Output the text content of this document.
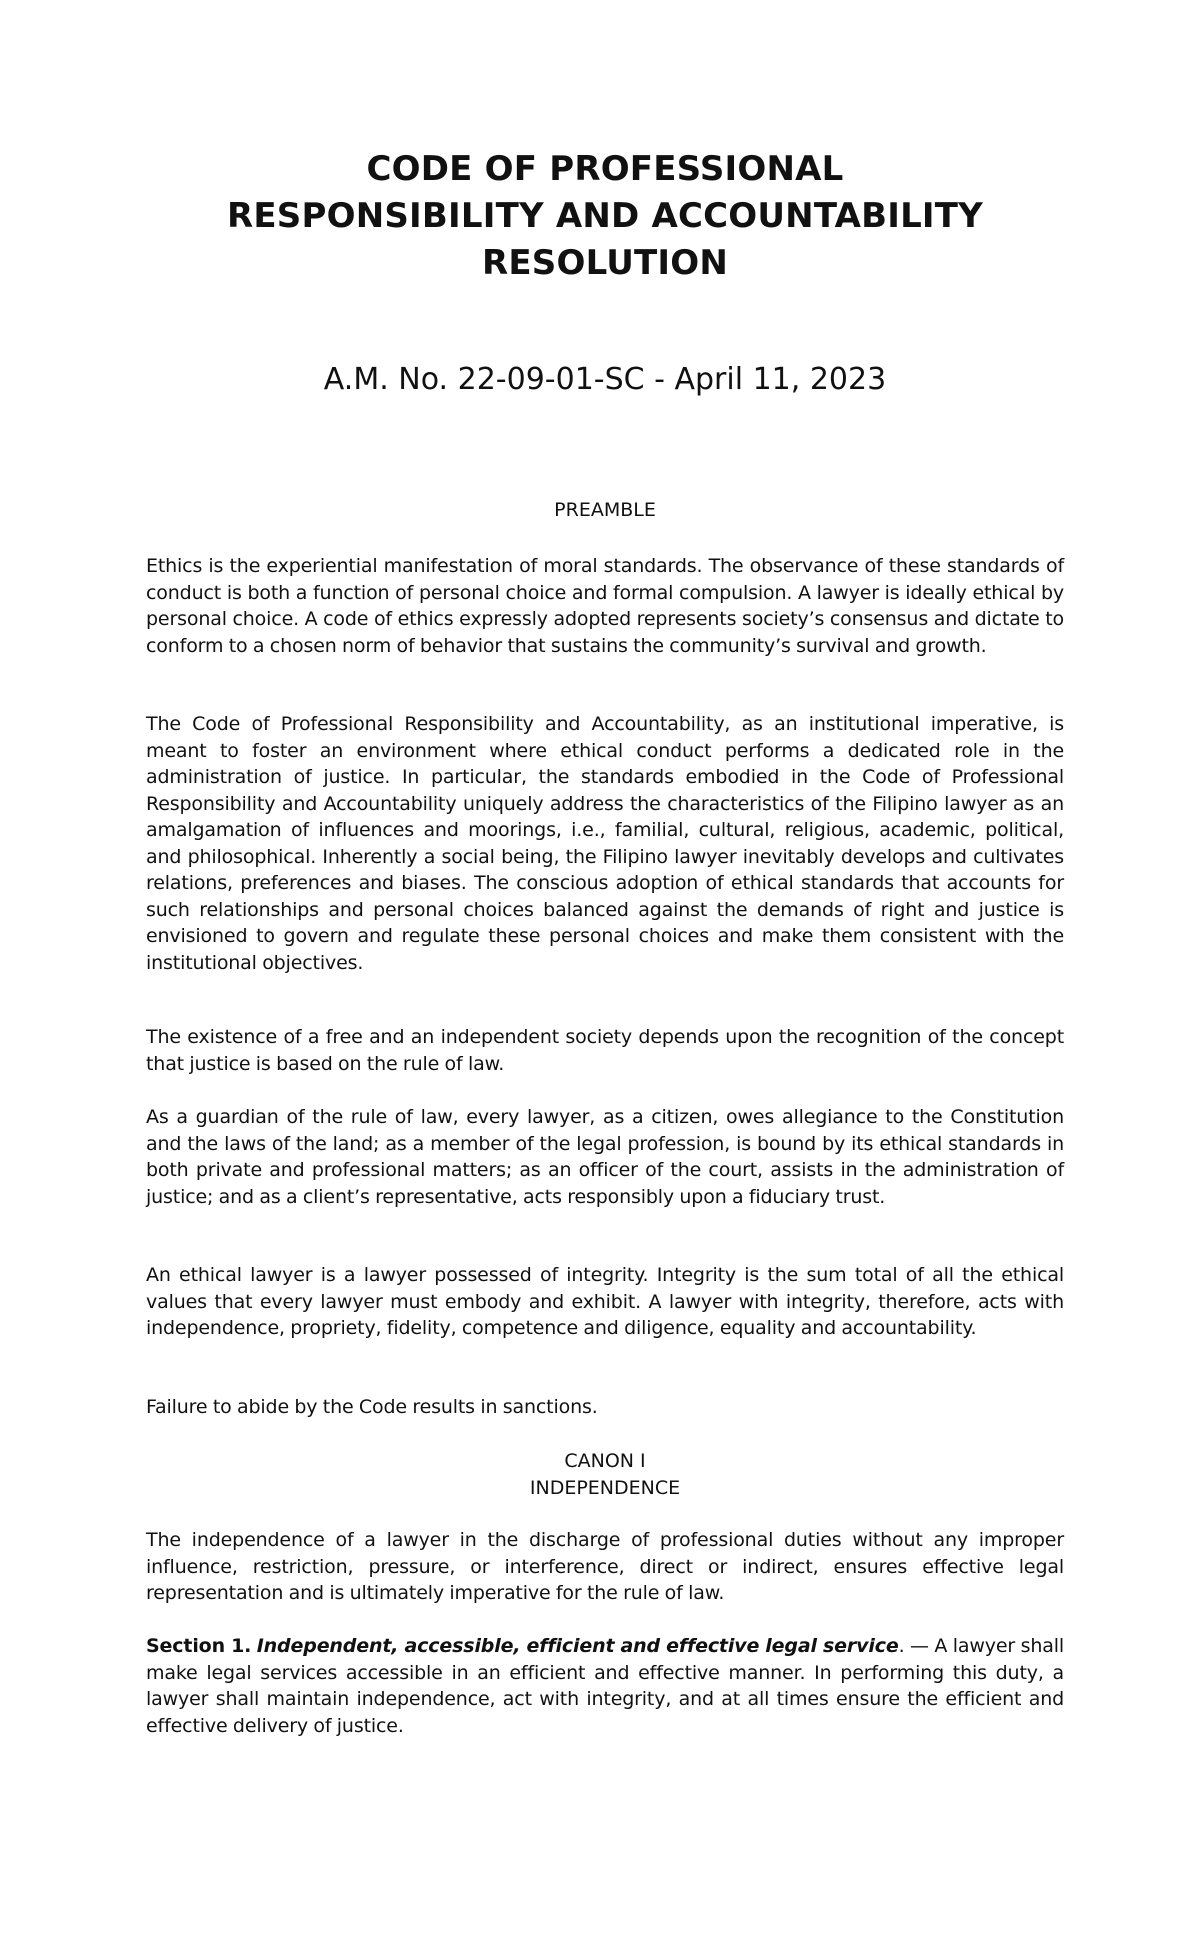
CODE OF PROFESSIONAL
RESPONSIBILITY AND ACCOUNTABILITY
RESOLUTION
A.M. No. 22-09-01-SC - April 11, 2023
PREAMBLE

Ethics is the experiential manifestation of moral standards. The observance of these standards of conduct is both a function of personal choice and formal compulsion. A lawyer is ideally ethical by personal choice. A code of ethics expressly adopted represents society’s consensus and dictate to conform to a chosen norm of behavior that sustains the community’s survival and growth.

The Code of Professional Responsibility and Accountability, as an institutional imperative, is meant to foster an environment where ethical conduct performs a dedicated role in the administration of justice. In particular, the standards embodied in the Code of Professional Responsibility and Accountability uniquely address the characteristics of the Filipino lawyer as an amalgamation of influences and moorings, i.e., familial, cultural, religious, academic, political, and philosophical. Inherently a social being, the Filipino lawyer inevitably develops and cultivates relations, preferences and biases. The conscious adoption of ethical standards that accounts for such relationships and personal choices balanced against the demands of right and justice is envisioned to govern and regulate these personal choices and make them consistent with the institutional objectives.

The existence of a free and an independent society depends upon the recognition of the concept that justice is based on the rule of law.

As a guardian of the rule of law, every lawyer, as a citizen, owes allegiance to the Constitution and the laws of the land; as a member of the legal profession, is bound by its ethical standards in both private and professional matters; as an officer of the court, assists in the administration of justice; and as a client’s representative, acts responsibly upon a fiduciary trust.

An ethical lawyer is a lawyer possessed of integrity. Integrity is the sum total of all the ethical values that every lawyer must embody and exhibit. A lawyer with integrity, therefore, acts with independence, propriety, fidelity, competence and diligence, equality and accountability.

Failure to abide by the Code results in sanctions.

CANON I
INDEPENDENCE

The independence of a lawyer in the discharge of professional duties without any improper influence, restriction, pressure, or interference, direct or indirect, ensures effective legal representation and is ultimately imperative for the rule of law.

Section 1. Independent, accessible, efficient and effective legal service. — A lawyer shall make legal services accessible in an efficient and effective manner. In performing this duty, a lawyer shall maintain independence, act with integrity, and at all times ensure the efficient and effective delivery of justice.
